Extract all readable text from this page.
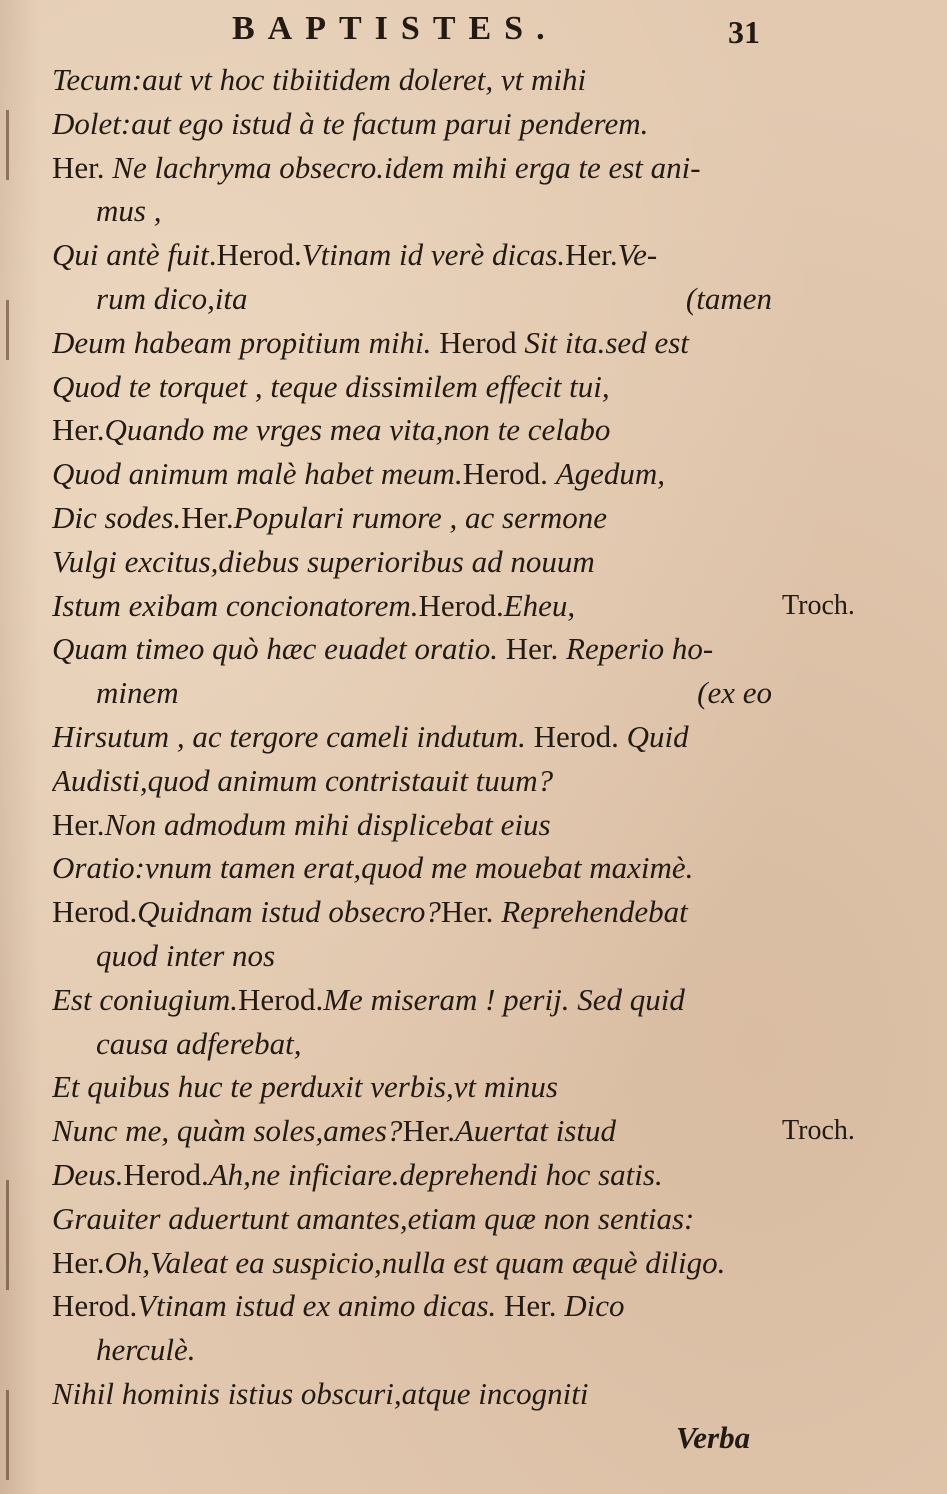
BAPTISTES.	31
Tecum:aut vt hoc tibiitidem doleret, vt mihi
Dolet:aut ego istud à te factum parui penderem.
Her. Ne lachryma obsecro.idem mihi erga te est ani-
mus ,
Qui antè fuit.Herod.Vtinam id verè dicas.Her.Ve-
rum dico,ita	(tamen
Deum habeam propitium mihi. Herod Sit ita.sed est
Quod te torquet , teque dissimilem effecit tui,
Her.Quando me vrges mea vita,non te celabo
Quod animum malè habet meum.Herod. Agedum,
Dic sodes.Her.Populari rumore , ac sermone
Vulgi excitus,diebus superioribus ad nouum
Istum exibam concionatorem.Herod.Eheu,	Troch.
Quam timeo quò hæc euadet oratio. Her. Reperio ho-
minem	(ex eo
Hirsutum , ac tergore cameli indutum. Herod. Quid
Audisti,quod animum contristauit tuum?
Her.Non admodum mihi displicebat eius
Oratio:vnum tamen erat,quod me mouebat maximè.
Herod.Quidnam istud obsecro?Her. Reprehendebat
quod inter nos
Est coniugium.Herod.Me miseram ! perij. Sed quid
causa adferebat,
Et quibus huc te perduxit verbis,vt minus
Nunc me, quàm soles,ames?Her.Auertat istud	Troch.
Deus.Herod.Ah,ne inficiare.deprehendi hoc satis.
Grauiter aduertunt amantes,etiam quæ non sentias:
Her.Oh,Valeat ea suspicio,nulla est quam æquè diligo.
Herod.Vtinam istud ex animo dicas. Her. Dico
herculè.
Nihil hominis istius obscuri,atque incogniti
Verba
